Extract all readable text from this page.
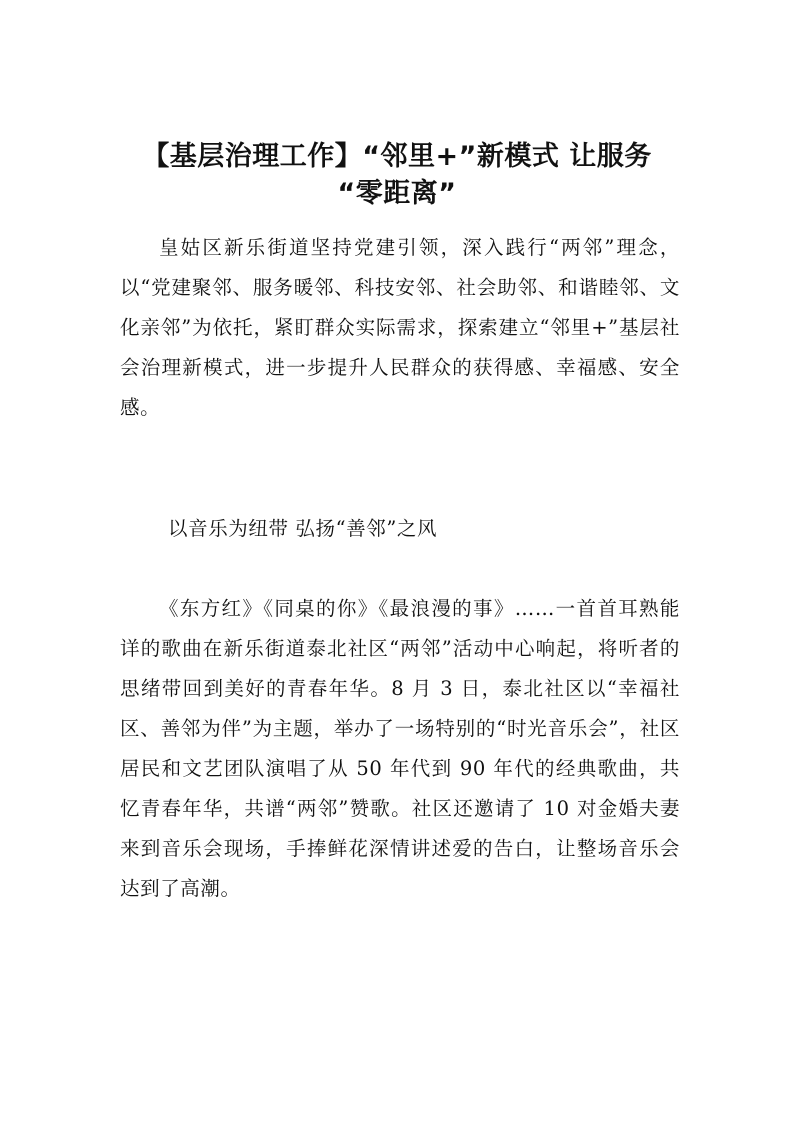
【基层治理工作】“邻里+”新模式 让服务
“零距离”

皇姑区新乐街道坚持党建引领，深入践行“两邻”理念，以“党建聚邻、服务暖邻、科技安邻、社会助邻、和谐睦邻、文化亲邻”为依托，紧盯群众实际需求，探索建立“邻里+”基层社会治理新模式，进一步提升人民群众的获得感、幸福感、安全感。

以音乐为纽带 弘扬“善邻”之风

《东方红》《同桌的你》《最浪漫的事》……一首首耳熟能详的歌曲在新乐街道泰北社区“两邻”活动中心响起，将听者的思绪带回到美好的青春年华。8 月 3 日，泰北社区以“幸福社区、善邻为伴”为主题，举办了一场特别的“时光音乐会”，社区居民和文艺团队演唱了从 50 年代到 90 年代的经典歌曲，共忆青春年华，共谱“两邻”赞歌。社区还邀请了 10 对金婚夫妻来到音乐会现场，手捧鲜花深情讲述爱的告白，让整场音乐会达到了高潮。
